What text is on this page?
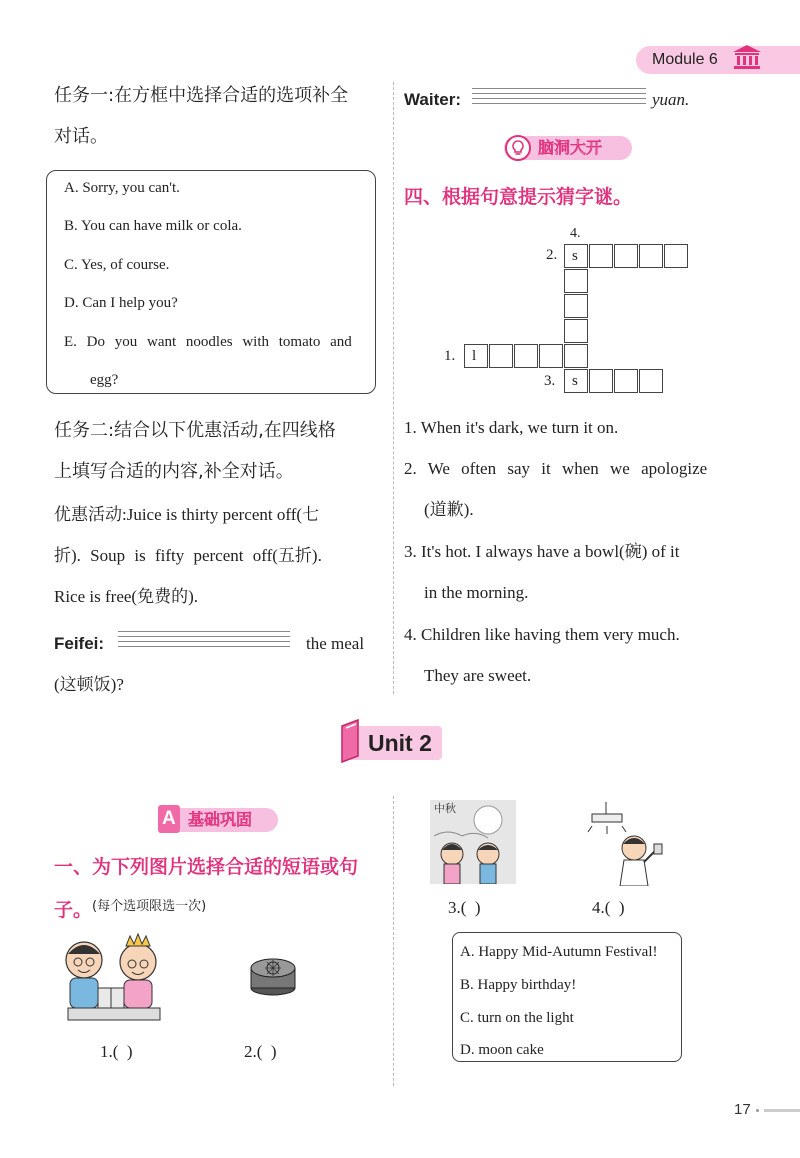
Module 6
任务一:在方框中选择合适的选项补全
对话。
A. Sorry, you can't.
B. You can have milk or cola.
C. Yes, of course.
D. Can I help you?
E. Do you want noodles with tomato and
egg?
任务二:结合以下优惠活动,在四线格
上填写合适的内容,补全对话。
优惠活动:Juice is thirty percent off(七
折). Soup is fifty percent off(五折).
Rice is free(免费的).
Feifei:	the meal
(这顿饭)?
Waiter:	yuan.
脑洞大开
四、根据句意提示猜字谜。
4.
2.
1.
3.
s
l
s
1. When it's dark, we turn it on.
2. We often say it when we apologize
(道歉).
3. It's hot. I always have a bowl(碗) of it
in the morning.
4. Children like having them very much.
They are sweet.
Unit 2
A 基础巩固
一、为下列图片选择合适的短语或句
子。 (每个选项限选一次)
1.(  )	2.(  )
中秋
3.(  )	4.(  )
A. Happy Mid-Autumn Festival!
B. Happy birthday!
C. turn on the light
D. moon cake
17
